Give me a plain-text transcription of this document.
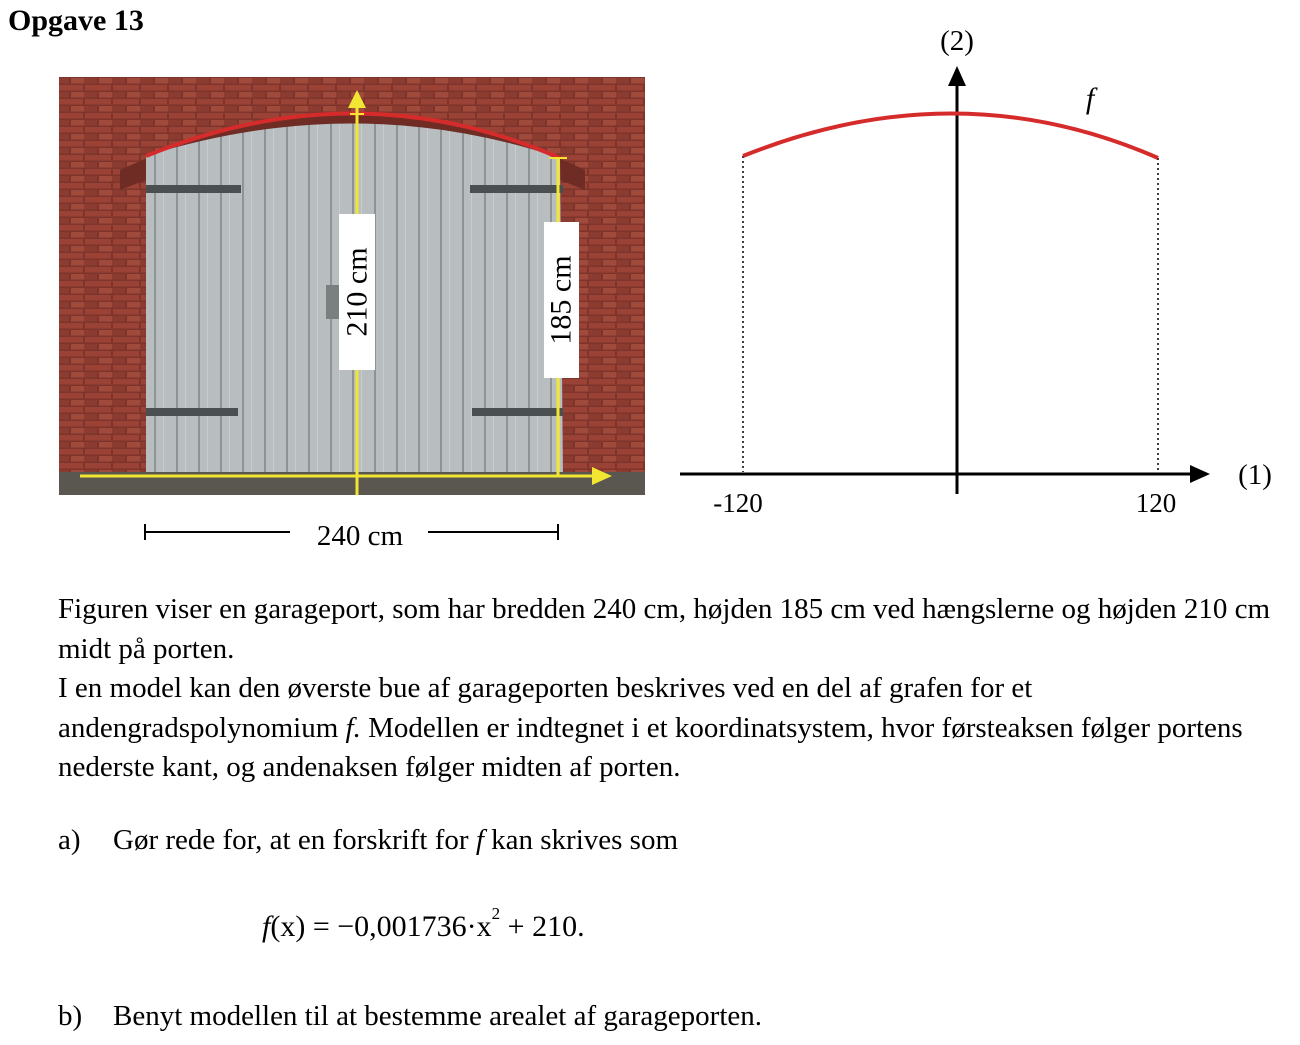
Opgave 13
210 cm	185 cm
240 cm
(2)
(1)
f
-120	120

Figuren viser en garageport, som har bredden 240 cm, højden 185 cm ved hængslerne og højden 210 cm midt på porten.

I en model kan den øverste bue af garageporten beskrives ved en del af grafen for et andengradspolynomium f. Modellen er indtegnet i et koordinatsystem, hvor førsteaksen følger portens nederste kant, og andenaksen følger midten af porten.

a) Gør rede for, at en forskrift for f kan skrives som
$f(x) = -0,001736\cdot x^2 + 210$.
b) Benyt modellen til at bestemme arealet af garageporten.
